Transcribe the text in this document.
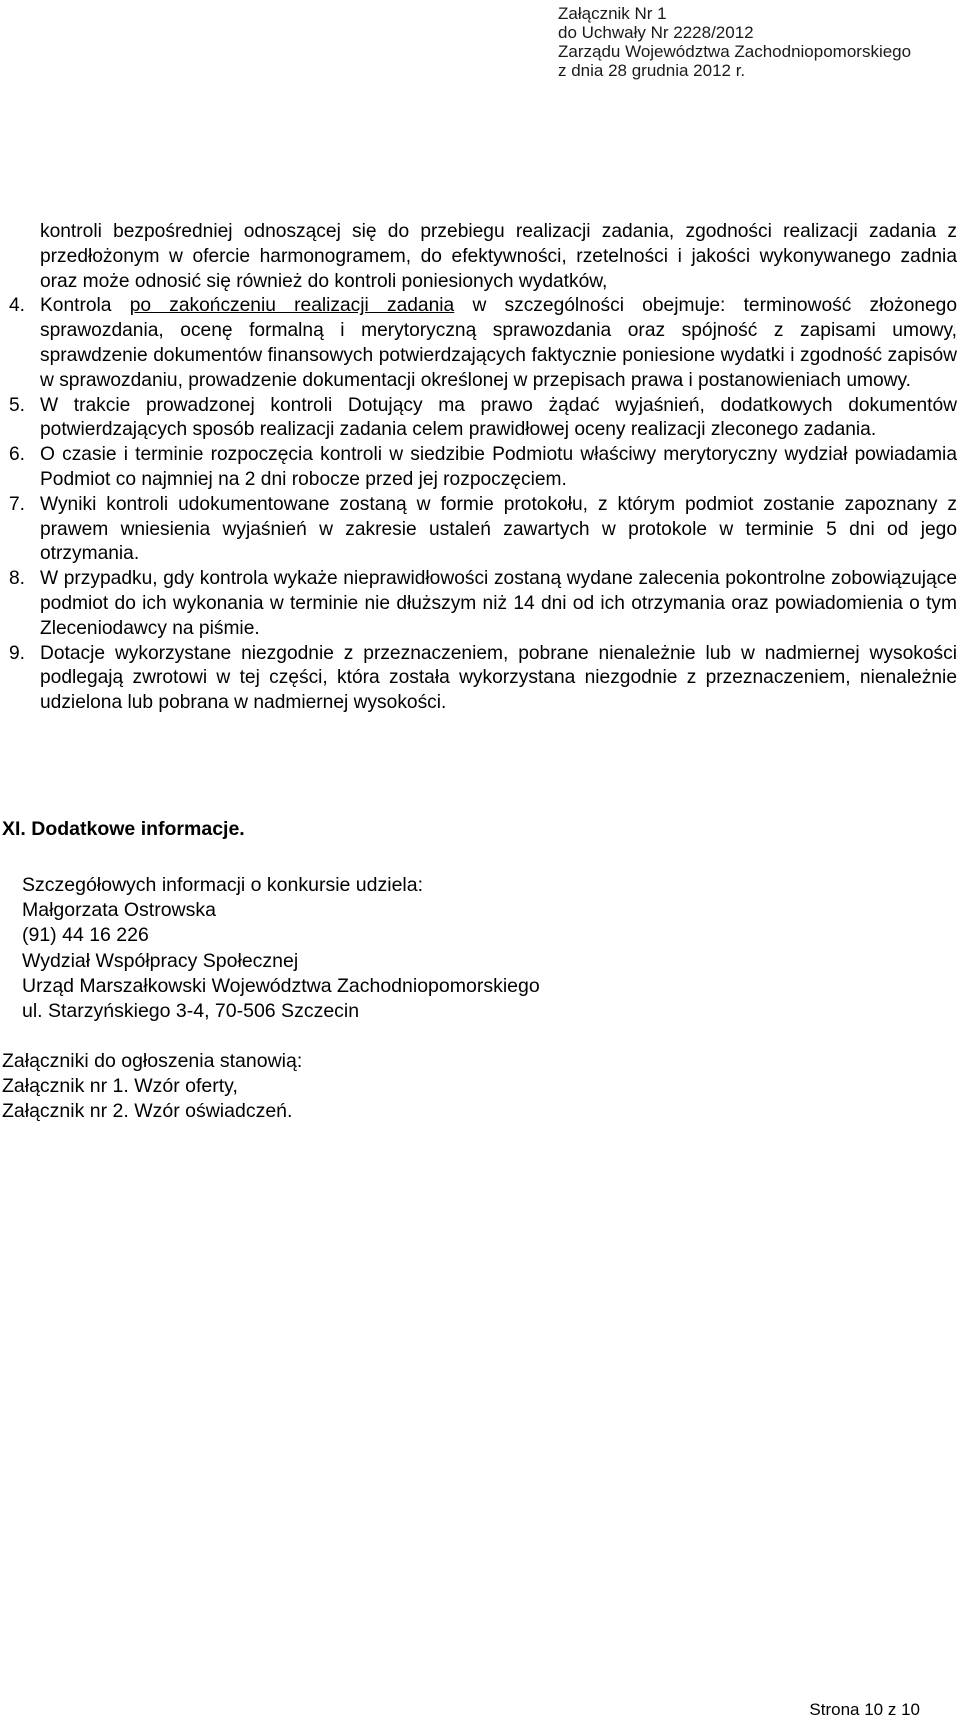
Załącznik Nr 1
do Uchwały Nr 2228/2012
Zarządu Województwa Zachodniopomorskiego
z dnia 28 grudnia 2012 r.

kontroli bezpośredniej odnoszącej się do przebiegu realizacji zadania, zgodności realizacji zadania z przedłożonym w ofercie harmonogramem, do efektywności, rzetelności i jakości wykonywanego zadnia oraz może odnosić się również do kontroli poniesionych wydatków,

4. Kontrola po zakończeniu realizacji zadania w szczególności obejmuje: terminowość złożonego sprawozdania, ocenę formalną i merytoryczną sprawozdania oraz spójność z zapisami umowy, sprawdzenie dokumentów finansowych potwierdzających faktycznie poniesione wydatki i zgodność zapisów w sprawozdaniu, prowadzenie dokumentacji określonej w przepisach prawa i postanowieniach umowy.
5. W trakcie prowadzonej kontroli Dotujący ma prawo żądać wyjaśnień, dodatkowych dokumentów potwierdzających sposób realizacji zadania celem prawidłowej oceny realizacji zleconego zadania.
6. O czasie i terminie rozpoczęcia kontroli w siedzibie Podmiotu właściwy merytoryczny wydział powiadamia Podmiot co najmniej na 2 dni robocze przed jej rozpoczęciem.
7. Wyniki kontroli udokumentowane zostaną w formie protokołu, z którym podmiot zostanie zapoznany z prawem wniesienia wyjaśnień w zakresie ustaleń zawartych w protokole w terminie 5 dni od jego otrzymania.
8. W przypadku, gdy kontrola wykaże nieprawidłowości zostaną wydane zalecenia pokontrolne zobowiązujące podmiot do ich wykonania w terminie nie dłuższym niż 14 dni od ich otrzymania oraz powiadomienia o tym Zleceniodawcy na piśmie.
9. Dotacje wykorzystane niezgodnie z przeznaczeniem, pobrane nienależnie lub w nadmiernej wysokości podlegają zwrotowi w tej części, która została wykorzystana niezgodnie z przeznaczeniem, nienależnie udzielona lub pobrana w nadmiernej wysokości.
XI. Dodatkowe informacje.
Szczegółowych informacji o konkursie udziela:
Małgorzata Ostrowska
(91) 44 16 226
Wydział Współpracy Społecznej
Urząd Marszałkowski Województwa Zachodniopomorskiego
ul. Starzyńskiego 3-4, 70-506 Szczecin
Załączniki do ogłoszenia stanowią:
Załącznik nr 1. Wzór oferty,
Załącznik nr 2. Wzór oświadczeń.
Strona 10 z 10
